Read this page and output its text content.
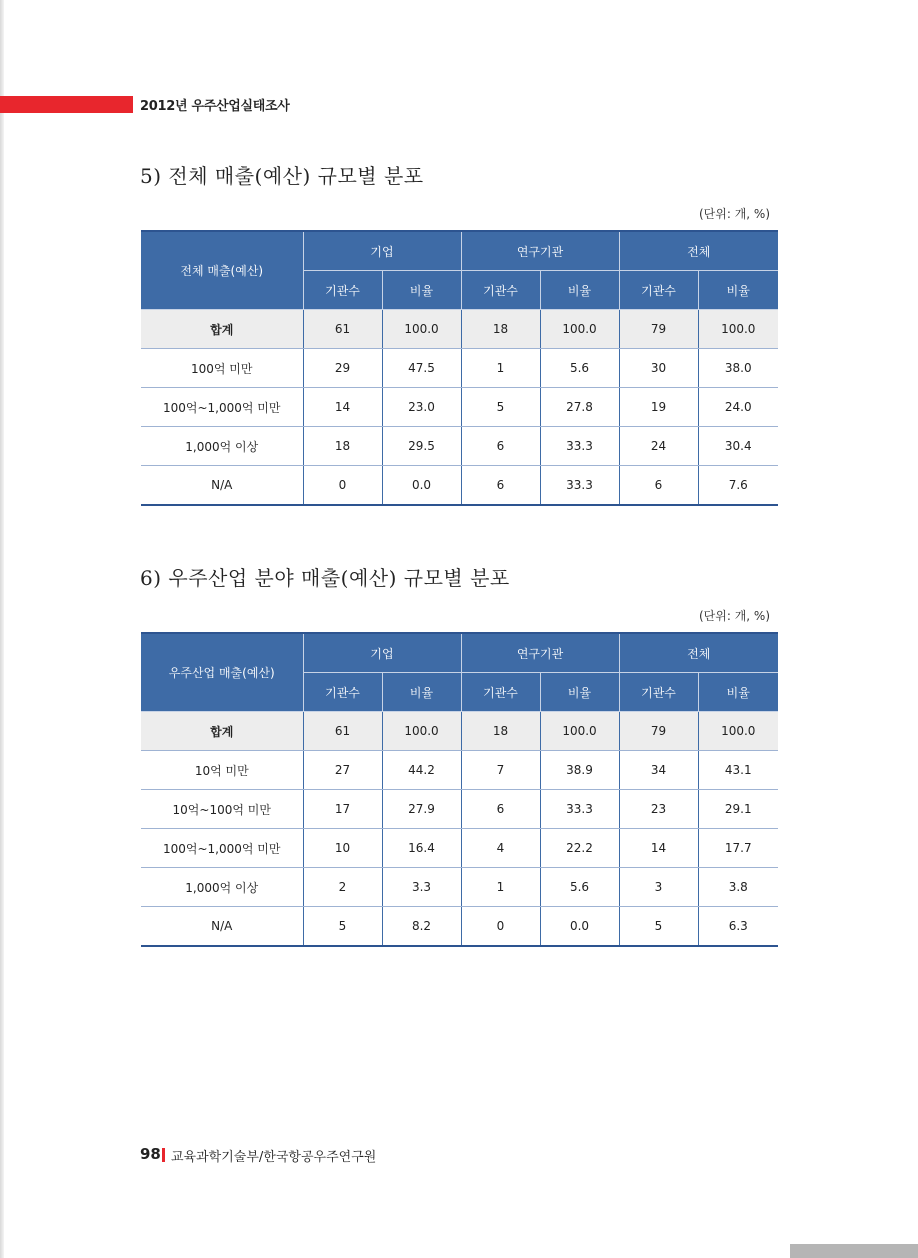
2012년 우주산업실태조사
5) 전체 매출(예산) 규모별 분포
(단위: 개, %)
전체 매출(예산)	기업		연구기관		전체	
	기관수	비율	기관수	비율	기관수	비율
합계	61	100.0	18	100.0	79	100.0
100억 미만	29	47.5	1	5.6	30	38.0
100억~1,000억 미만	14	23.0	5	27.8	19	24.0
1,000억 이상	18	29.5	6	33.3	24	30.4
N/A	0	0.0	6	33.3	6	7.6
6) 우주산업 분야 매출(예산) 규모별 분포
(단위: 개, %)
우주산업 매출(예산)	기업		연구기관		전체	
	기관수	비율	기관수	비율	기관수	비율
합계	61	100.0	18	100.0	79	100.0
10억 미만	27	44.2	7	38.9	34	43.1
10억~100억 미만	17	27.9	6	33.3	23	29.1
100억~1,000억 미만	10	16.4	4	22.2	14	17.7
1,000억 이상	2	3.3	1	5.6	3	3.8
N/A	5	8.2	0	0.0	5	6.3
98 교육과학기술부/한국항공우주연구원
